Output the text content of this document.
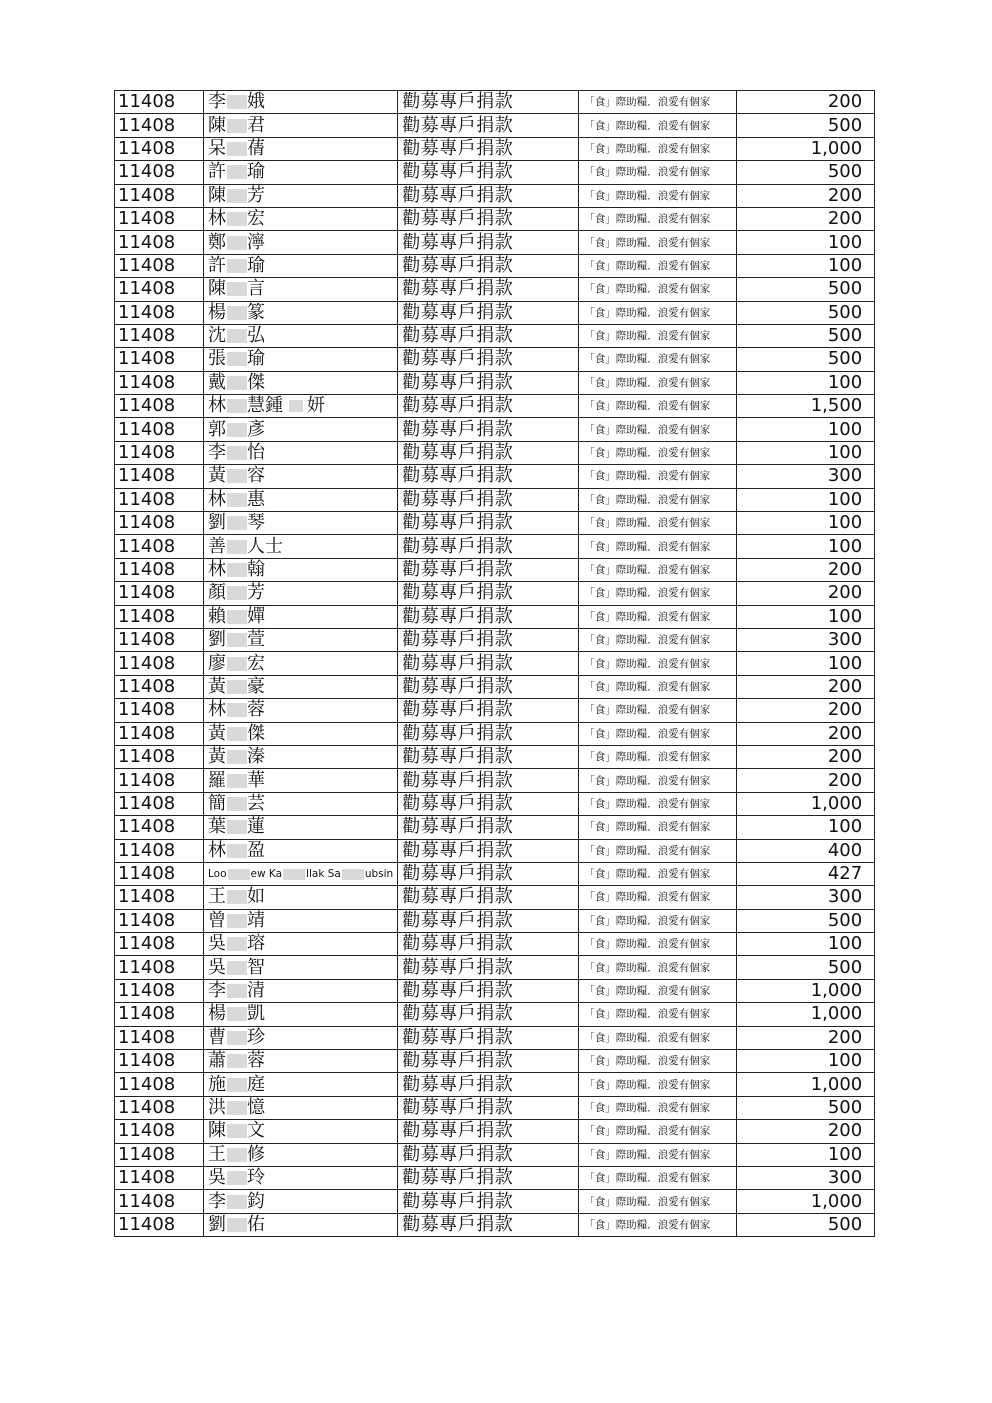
11408	李 娥	勸募專戶捐款	「食」際助糧．浪愛有個家	200
11408	陳 君	勸募專戶捐款	「食」際助糧．浪愛有個家	500
11408	呆 蒨	勸募專戶捐款	「食」際助糧．浪愛有個家	1,000
11408	許 瑜	勸募專戶捐款	「食」際助糧．浪愛有個家	500
11408	陳 芳	勸募專戶捐款	「食」際助糧．浪愛有個家	200
11408	林 宏	勸募專戶捐款	「食」際助糧．浪愛有個家	200
11408	鄭 濘	勸募專戶捐款	「食」際助糧．浪愛有個家	100
11408	許 瑜	勸募專戶捐款	「食」際助糧．浪愛有個家	100
11408	陳 言	勸募專戶捐款	「食」際助糧．浪愛有個家	500
11408	楊 篆	勸募專戶捐款	「食」際助糧．浪愛有個家	500
11408	沈 弘	勸募專戶捐款	「食」際助糧．浪愛有個家	500
11408	張 瑜	勸募專戶捐款	「食」際助糧．浪愛有個家	500
11408	戴 傑	勸募專戶捐款	「食」際助糧．浪愛有個家	100
11408	林 慧鍾 妍	勸募專戶捐款	「食」際助糧．浪愛有個家	1,500
11408	郭 彥	勸募專戶捐款	「食」際助糧．浪愛有個家	100
11408	李 怡	勸募專戶捐款	「食」際助糧．浪愛有個家	100
11408	黃 容	勸募專戶捐款	「食」際助糧．浪愛有個家	300
11408	林 惠	勸募專戶捐款	「食」際助糧．浪愛有個家	100
11408	劉 琴	勸募專戶捐款	「食」際助糧．浪愛有個家	100
11408	善 人士	勸募專戶捐款	「食」際助糧．浪愛有個家	100
11408	林 翰	勸募專戶捐款	「食」際助糧．浪愛有個家	200
11408	顏 芳	勸募專戶捐款	「食」際助糧．浪愛有個家	200
11408	賴 嬋	勸募專戶捐款	「食」際助糧．浪愛有個家	100
11408	劉 萱	勸募專戶捐款	「食」際助糧．浪愛有個家	300
11408	廖 宏	勸募專戶捐款	「食」際助糧．浪愛有個家	100
11408	黃 豪	勸募專戶捐款	「食」際助糧．浪愛有個家	200
11408	林 蓉	勸募專戶捐款	「食」際助糧．浪愛有個家	200
11408	黃 傑	勸募專戶捐款	「食」際助糧．浪愛有個家	200
11408	黃 溱	勸募專戶捐款	「食」際助糧．浪愛有個家	200
11408	羅 華	勸募專戶捐款	「食」際助糧．浪愛有個家	200
11408	簡 芸	勸募專戶捐款	「食」際助糧．浪愛有個家	1,000
11408	葉 蓮	勸募專戶捐款	「食」際助糧．浪愛有個家	100
11408	林 盈	勸募專戶捐款	「食」際助糧．浪愛有個家	400
11408	Loo ew Ka llak Sa ubsin	勸募專戶捐款	「食」際助糧．浪愛有個家	427
11408	王 如	勸募專戶捐款	「食」際助糧．浪愛有個家	300
11408	曾 靖	勸募專戶捐款	「食」際助糧．浪愛有個家	500
11408	吳 瑢	勸募專戶捐款	「食」際助糧．浪愛有個家	100
11408	吳 智	勸募專戶捐款	「食」際助糧．浪愛有個家	500
11408	李 清	勸募專戶捐款	「食」際助糧．浪愛有個家	1,000
11408	楊 凱	勸募專戶捐款	「食」際助糧．浪愛有個家	1,000
11408	曹 珍	勸募專戶捐款	「食」際助糧．浪愛有個家	200
11408	蕭 蓉	勸募專戶捐款	「食」際助糧．浪愛有個家	100
11408	施 庭	勸募專戶捐款	「食」際助糧．浪愛有個家	1,000
11408	洪 憶	勸募專戶捐款	「食」際助糧．浪愛有個家	500
11408	陳 文	勸募專戶捐款	「食」際助糧．浪愛有個家	200
11408	王 修	勸募專戶捐款	「食」際助糧．浪愛有個家	100
11408	吳 玲	勸募專戶捐款	「食」際助糧．浪愛有個家	300
11408	李 鈞	勸募專戶捐款	「食」際助糧．浪愛有個家	1,000
11408	劉 佑	勸募專戶捐款	「食」際助糧．浪愛有個家	500
